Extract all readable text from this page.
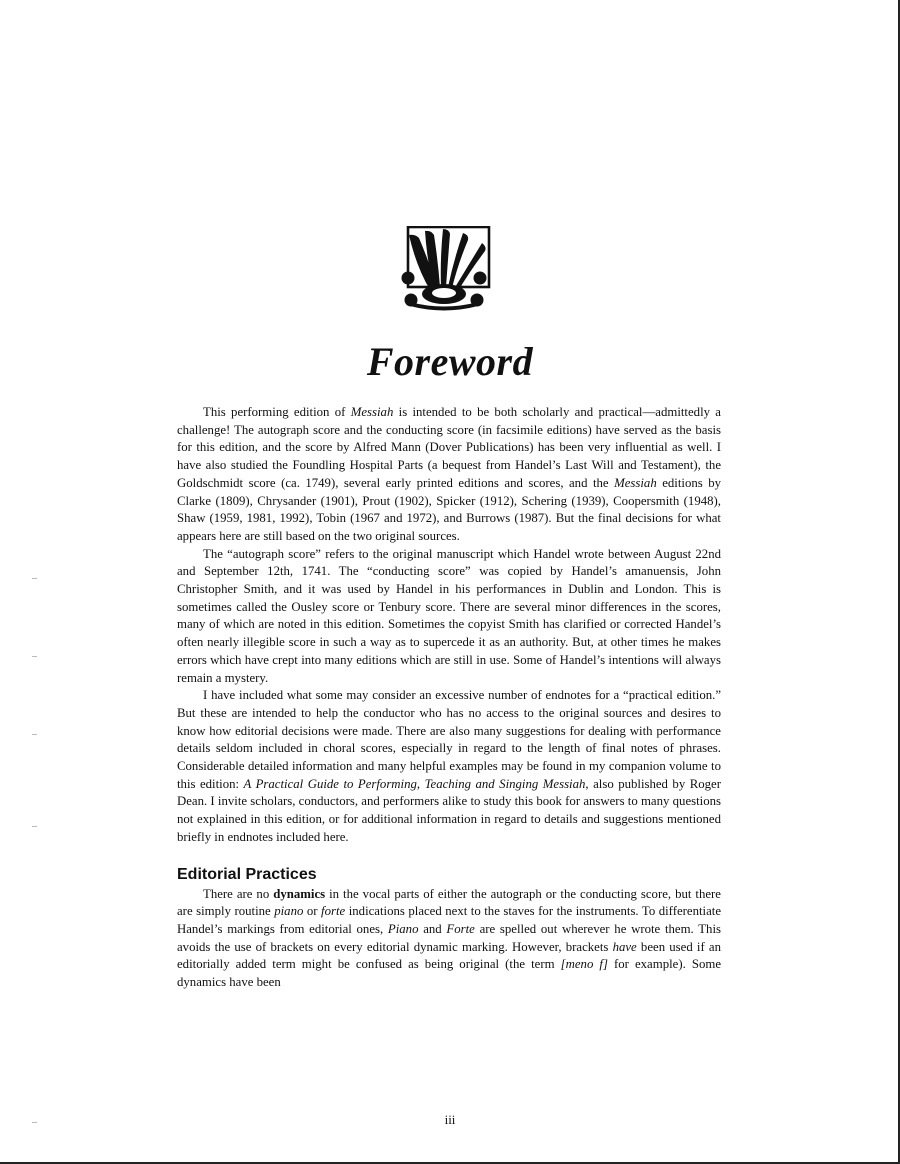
Foreword

This performing edition of Messiah is intended to be both scholarly and practical—admittedly a challenge! The autograph score and the conducting score (in facsimile editions) have served as the basis for this edition, and the score by Alfred Mann (Dover Publications) has been very influential as well. I have also studied the Foundling Hospital Parts (a bequest from Handel’s Last Will and Testament), the Goldschmidt score (ca. 1749), several early printed editions and scores, and the Messiah editions by Clarke (1809), Chrysander (1901), Prout (1902), Spicker (1912), Schering (1939), Coopersmith (1948), Shaw (1959, 1981, 1992), Tobin (1967 and 1972), and Burrows (1987). But the final decisions for what appears here are still based on the two original sources.

The “autograph score” refers to the original manuscript which Handel wrote between August 22nd and September 12th, 1741. The “conducting score” was copied by Handel’s amanuensis, John Christopher Smith, and it was used by Handel in his performances in Dublin and London. This is sometimes called the Ousley score or Tenbury score. There are several minor differences in the scores, many of which are noted in this edition. Sometimes the copyist Smith has clarified or corrected Handel’s often nearly illegible score in such a way as to supercede it as an authority. But, at other times he makes errors which have crept into many editions which are still in use. Some of Handel’s intentions will always remain a mystery.

I have included what some may consider an excessive number of endnotes for a “practical edition.” But these are intended to help the conductor who has no access to the original sources and desires to know how editorial decisions were made. There are also many suggestions for dealing with performance details seldom included in choral scores, especially in regard to the length of final notes of phrases. Considerable detailed information and many helpful examples may be found in my companion volume to this edition: A Practical Guide to Performing, Teaching and Singing Messiah, also published by Roger Dean. I invite scholars, conductors, and performers alike to study this book for answers to many questions not explained in this edition, or for additional information in regard to details and suggestions mentioned briefly in endnotes included here.

Editorial Practices

There are no dynamics in the vocal parts of either the autograph or the conducting score, but there are simply routine piano or forte indications placed next to the staves for the instruments. To differentiate Handel’s markings from editorial ones, Piano and Forte are spelled out wherever he wrote them. This avoids the use of brackets on every editorial dynamic marking. However, brackets have been used if an editorially added term might be confused as being original (the term [meno f] for example). Some dynamics have been

iii
